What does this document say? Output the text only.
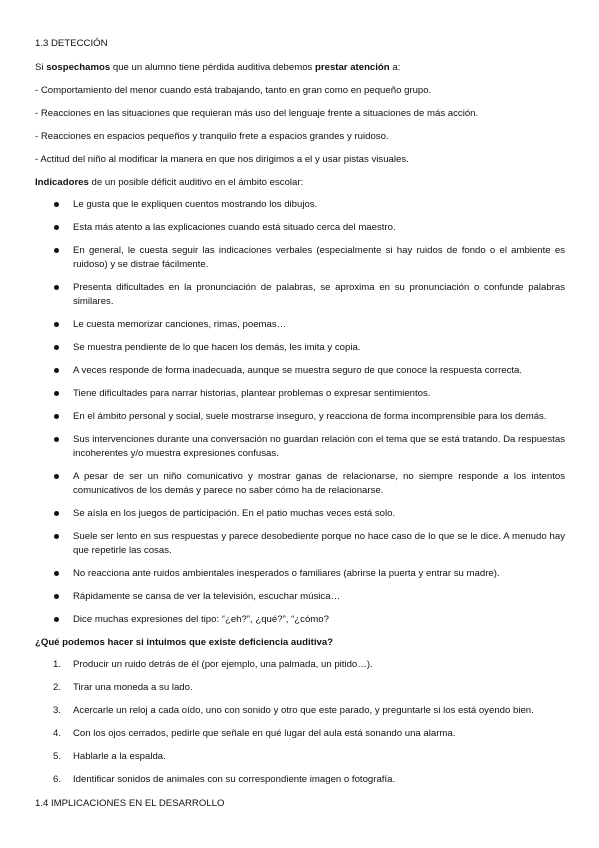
1.3 DETECCIÓN

Si sospechamos que un alumno tiene pérdida auditiva debemos prestar atención a:

- Comportamiento del menor cuando está trabajando, tanto en gran como en pequeño grupo.

- Reacciones en las situaciones que requieran más uso del lenguaje frente a situaciones de más acción.

- Reacciones en espacios pequeños y tranquilo frete a espacios grandes y ruidoso.

- Actitud del niño al modificar la manera en que nos dirigimos a el y usar pistas visuales.

Indicadores de un posible déficit auditivo en el ámbito escolar:

Le gusta que le expliquen cuentos mostrando los dibujos.
Esta más atento a las explicaciones cuando está situado cerca del maestro.
En general, le cuesta seguir las indicaciones verbales (especialmente si hay ruidos de fondo o el ambiente es ruidoso) y se distrae fácilmente.
Presenta dificultades en la pronunciación de palabras, se aproxima en su pronunciación o confunde palabras similares.
Le cuesta memorizar canciones, rimas, poemas…
Se muestra pendiente de lo que hacen los demás, les imita y copia.
A veces responde de forma inadecuada, aunque se muestra seguro de que conoce la respuesta correcta.
Tiene dificultades para narrar historias, plantear problemas o expresar sentimientos.
En el ámbito personal y social, suele mostrarse inseguro, y reacciona de forma incomprensible para los demás.
Sus intervenciones durante una conversación no guardan relación con el tema que se está tratando. Da respuestas incoherentes y/o muestra expresiones confusas.
A pesar de ser un niño comunicativo y mostrar ganas de relacionarse, no siempre responde a los intentos comunicativos de los demás y parece no saber cómo ha de relacionarse.
Se aísla en los juegos de participación. En el patio muchas veces está solo.
Suele ser lento en sus respuestas y parece desobediente porque no hace caso de lo que se le dice. A menudo hay que repetirle las cosas.
No reacciona ante ruidos ambientales inesperados o familiares (abrirse la puerta y entrar su madre).
Rápidamente se cansa de ver la televisión, escuchar música…
Dice muchas expresiones del tipo: “¿eh?”, ¿qué?”, “¿cómo?

¿Qué podemos hacer si intuimos que existe deficiencia auditiva?

1. Producir un ruido detrás de él (por ejemplo, una palmada, un pitido…).
2. Tirar una moneda a su lado.
3. Acercarle un reloj a cada oído, uno con sonido y otro que este parado, y preguntarle si los está oyendo bien.
4. Con los ojos cerrados, pedirle que señale en qué lugar del aula está sonando una alarma.
5. Hablarle a la espalda.
6. Identificar sonidos de animales con su correspondiente imagen o fotografía.
1.4 IMPLICACIONES EN EL DESARROLLO
